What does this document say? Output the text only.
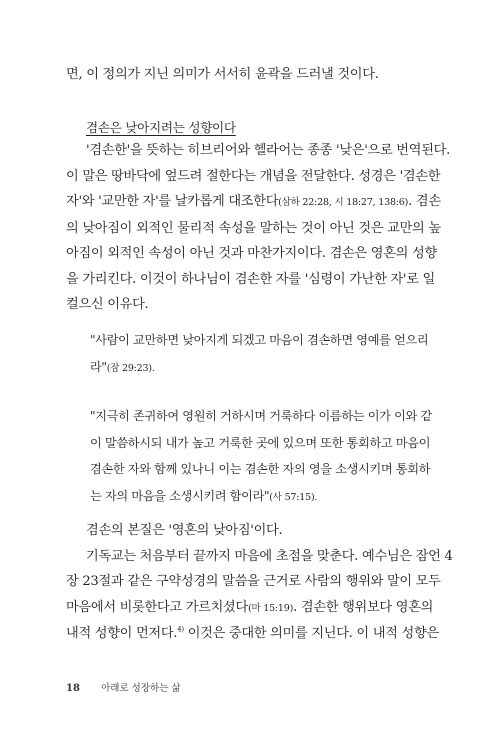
면, 이 정의가 지닌 의미가 서서히 윤곽을 드러낼 것이다.
겸손은 낮아지려는 성향이다
'겸손한'을 뜻하는 히브리어와 헬라어는 종종 '낮은'으로 번역된다.
이 말은 땅바닥에 엎드려 절한다는 개념을 전달한다. 성경은 '겸손한
자'와 '교만한 자'를 날카롭게 대조한다(삼하 22:28, 시 18:27, 138:6). 겸손
의 낮아짐이 외적인 물리적 속성을 말하는 것이 아닌 것은 교만의 높
아짐이 외적인 속성이 아닌 것과 마찬가지이다. 겸손은 영혼의 성향
을 가리킨다. 이것이 하나님이 겸손한 자를 '심령이 가난한 자'로 일
컬으신 이유다.
"사람이 교만하면 낮아지게 되겠고 마음이 겸손하면 영예를 얻으리
라"(잠 29:23).
"지극히 존귀하여 영원히 거하시며 거룩하다 이름하는 이가 이와 같
이 말씀하시되 내가 높고 거룩한 곳에 있으며 또한 통회하고 마음이
겸손한 자와 함께 있나니 이는 겸손한 자의 영을 소생시키며 통회하
는 자의 마음을 소생시키려 함이라"(사 57:15).
겸손의 본질은 '영혼의 낮아짐'이다.
기독교는 처음부터 끝까지 마음에 초점을 맞춘다. 예수님은 잠언 4
장 23절과 같은 구약성경의 말씀을 근거로 사람의 행위와 말이 모두
마음에서 비롯한다고 가르치셨다(마 15:19). 겸손한 행위보다 영혼의
내적 성향이 먼저다.$^{4)}$ 이것은 중대한 의미를 지닌다. 이 내적 성향은
18 아래로 성장하는 삶
